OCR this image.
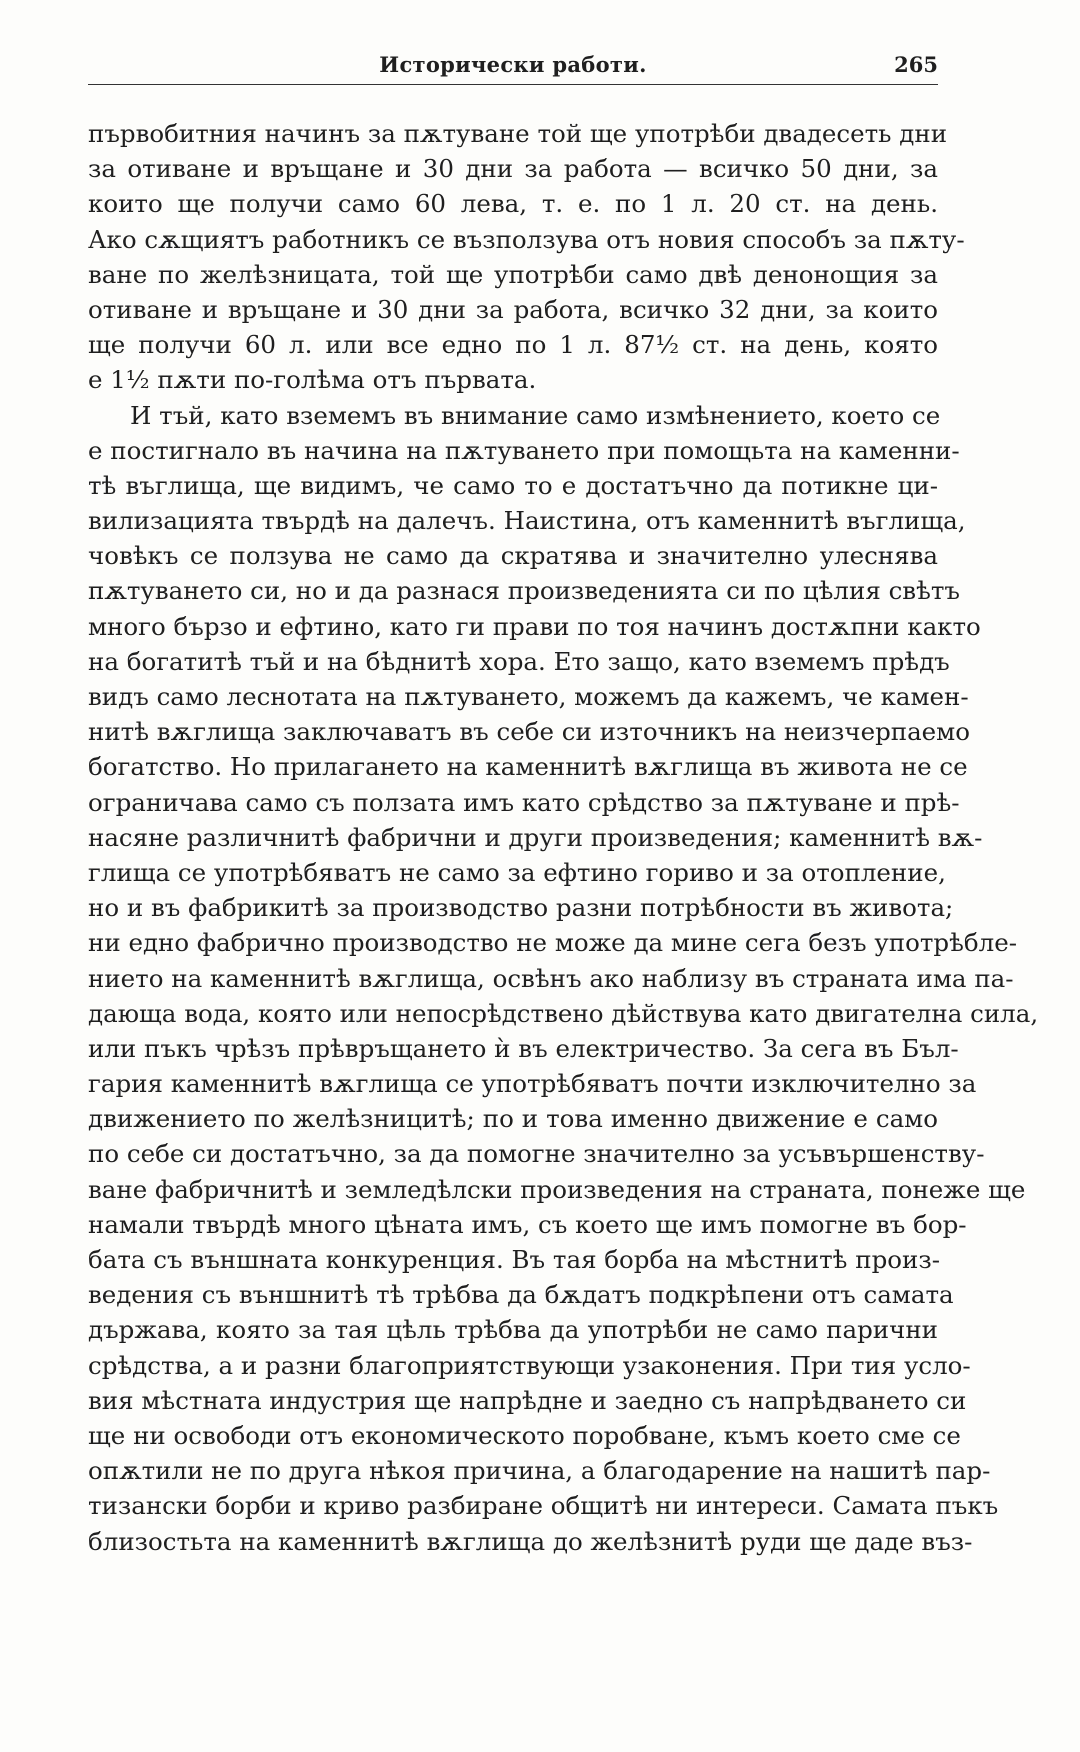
Исторически работи.	265
първобитния начинъ за пѫтуване той ще употрѣби двадесеть дни
за отиване и връщане и 30 дни за работа — всичко 50 дни, за
които ще получи само 60 лева, т. е. по 1 л. 20 ст. на день.
Ако сѫщиятъ работникъ се възползува отъ новия способъ за пѫту-
ване по желѣзницата, той ще употрѣби само двѣ денонощия за
отиване и връщане и 30 дни за работа, всичко 32 дни, за които
ще получи 60 л. или все едно по 1 л. 87½ ст. на день, която
е 1½ пѫти по-голѣма отъ първата.
И тъй, като вземемъ въ внимание само измѣнението, което се
е постигнало въ начина на пѫтуването при помощьта на каменни-
тѣ въглища, ще видимъ, че само то е достатъчно да потикне ци-
вилизацията твърдѣ на далечъ. Наистина, отъ каменнитѣ въглища,
човѣкъ се ползува не само да скратява и значително улеснява
пѫтуването си, но и да разнася произведенията си по цѣлия свѣтъ
много бързо и ефтино, като ги прави по тоя начинъ достѫпни както
на богатитѣ тъй и на бѣднитѣ хора. Ето защо, като вземемъ прѣдъ
видъ само леснотата на пѫтуването, можемъ да кажемъ, че камен-
нитѣ вѫглища заключаватъ въ себе си източникъ на неизчерпаемо
богатство. Но прилагането на каменнитѣ вѫглища въ живота не се
ограничава само съ ползата имъ като срѣдство за пѫтуване и прѣ-
насяне различнитѣ фабрични и други произведения; каменнитѣ вѫ-
глища се употрѣбяватъ не само за ефтино гориво и за отопление,
но и въ фабрикитѣ за производство разни потрѣбности въ живота;
ни едно фабрично производство не може да мине сега безъ употрѣбле-
нието на каменнитѣ вѫглища, освѣнъ ако наблизу въ страната има па-
дающа вода, която или непосрѣдствено дѣйствува като двигателна сила,
или пъкъ чрѣзъ прѣвръщането ѝ въ електричество. За сега въ Бъл-
гария каменнитѣ вѫглища се употрѣбяватъ почти изключително за
движението по желѣзницитѣ; по и това именно движение е само
по себе си достатъчно, за да помогне значително за усъвършенству-
ване фабричнитѣ и земледѣлски произведения на страната, понеже ще
намали твърдѣ много цѣната имъ, съ което ще имъ помогне въ бор-
бата съ външната конкуренция. Въ тая борба на мѣстнитѣ произ-
ведения съ външнитѣ тѣ трѣбва да бѫдатъ подкрѣпени отъ самата
държава, която за тая цѣль трѣбва да употрѣби не само парични
срѣдства, а и разни благоприятствующи узаконения. При тия усло-
вия мѣстната индустрия ще напрѣдне и заедно съ напрѣдването си
ще ни освободи отъ економическото поробване, къмъ което сме се
опѫтили не по друга нѣкоя причина, а благодарение на нашитѣ пар-
тизански борби и криво разбиране общитѣ ни интереси. Самата пъкъ
близостьта на каменнитѣ вѫглища до желѣзнитѣ руди ще даде въз-
